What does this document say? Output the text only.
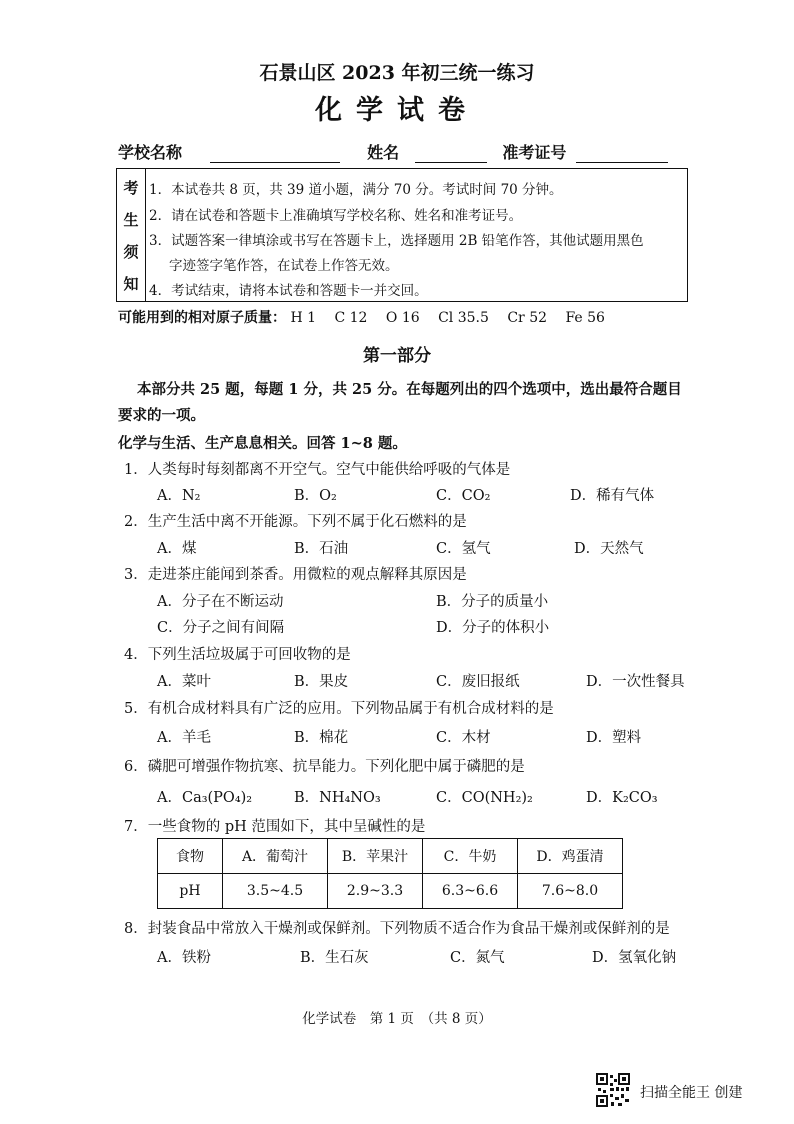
石景山区 2023 年初三统一练习
化学试卷
学校名称	姓名	准考证号
考
生
须
知
1．本试卷共 8 页，共 39 道小题，满分 70 分。考试时间 70 分钟。
2．请在试卷和答题卡上准确填写学校名称、姓名和准考证号。
3．试题答案一律填涂或书写在答题卡上，选择题用 2B 铅笔作答，其他试题用黑色
字迹签字笔作答，在试卷上作答无效。
4．考试结束，请将本试卷和答题卡一并交回。
可能用到的相对原子质量： H 1　 C 12　 O 16　 Cl 35.5　 Cr 52　 Fe 56
第一部分
本部分共 25 题，每题 1 分，共 25 分。在每题列出的四个选项中，选出最符合题目
要求的一项。
化学与生活、生产息息相关。回答 1~8 题。
1．人类每时每刻都离不开空气。空气中能供给呼吸的气体是
A．N₂	B．O₂	C．CO₂	D．稀有气体
2．生产生活中离不开能源。下列不属于化石燃料的是
A．煤	B．石油	C．氢气	D．天然气
3．走进茶庄能闻到茶香。用微粒的观点解释其原因是
A．分子在不断运动	B．分子的质量小
C．分子之间有间隔	D．分子的体积小
4．下列生活垃圾属于可回收物的是
A．菜叶	B．果皮	C．废旧报纸	D．一次性餐具
5．有机合成材料具有广泛的应用。下列物品属于有机合成材料的是
A．羊毛	B．棉花	C．木材	D．塑料
6．磷肥可增强作物抗寒、抗旱能力。下列化肥中属于磷肥的是
A．Ca₃(PO₄)₂	B．NH₄NO₃	C．CO(NH₂)₂	D．K₂CO₃
7．一些食物的 pH 范围如下，其中呈碱性的是
食物	A．葡萄汁	B．苹果汁	C．牛奶	D．鸡蛋清
pH	3.5~4.5	2.9~3.3	6.3~6.6	7.6~8.0
8．封装食品中常放入干燥剂或保鲜剂。下列物质不适合作为食品干燥剂或保鲜剂的是
A．铁粉	B．生石灰	C．氮气	D．氢氧化钠
化学试卷　第 1 页　（共 8 页）
扫描全能王 创建
